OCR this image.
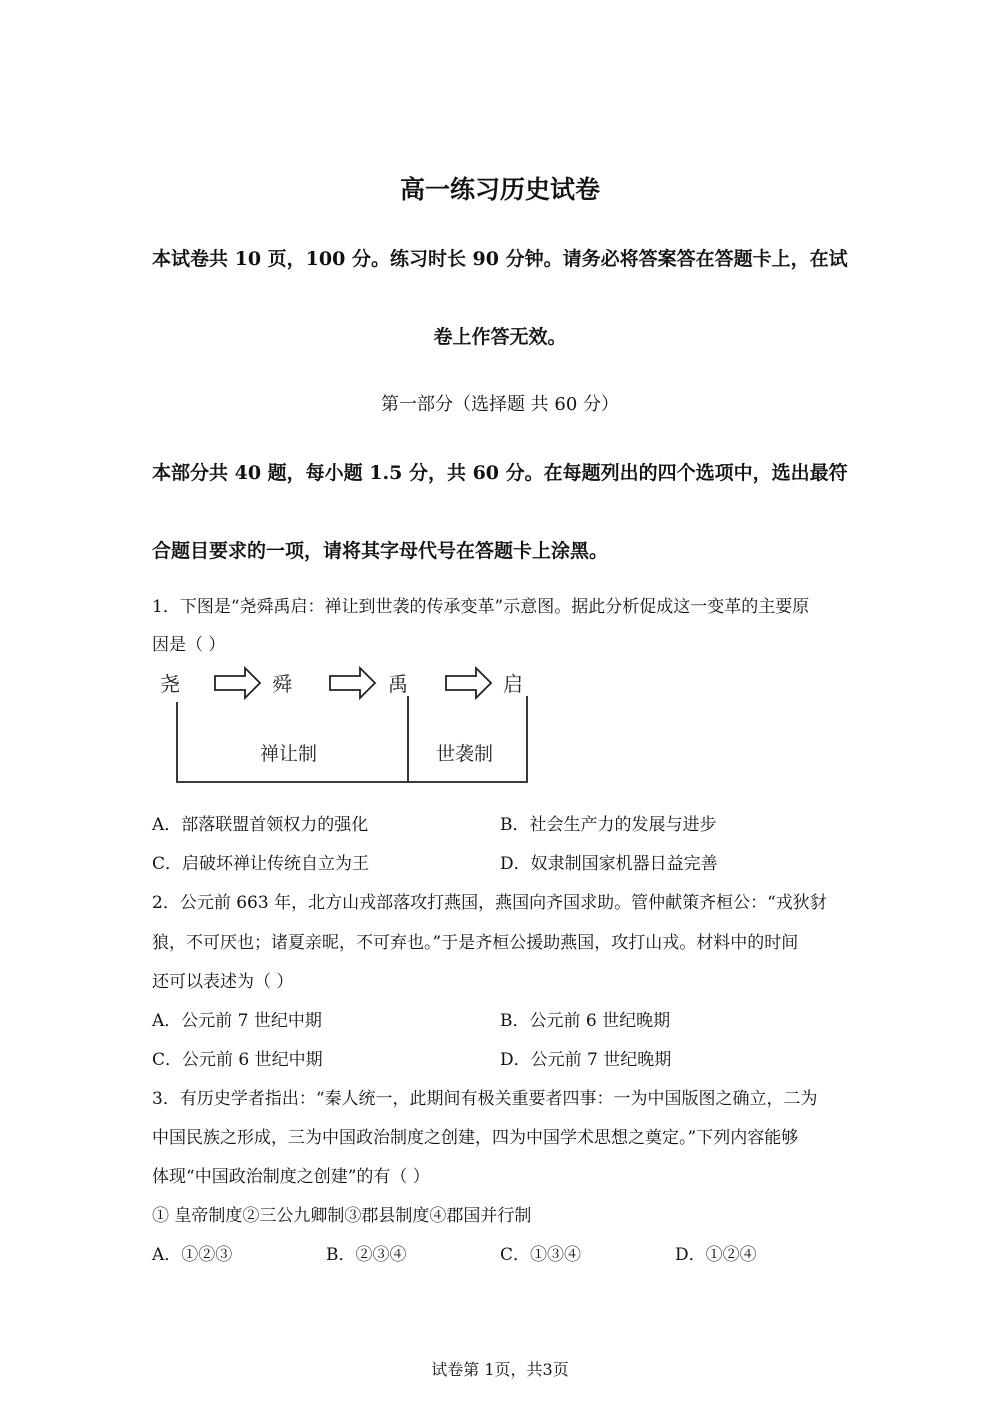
高一练习历史试卷
本试卷共 10 页，100 分。练习时长 90 分钟。请务必将答案答在答题卡上，在试
卷上作答无效。
第一部分（选择题 共 60 分）
本部分共 40 题，每小题 1.5 分，共 60 分。在每题列出的四个选项中，选出最符
合题目要求的一项，请将其字母代号在答题卡上涂黑。
1．下图是“尧舜禹启：禅让到世袭的传承变革”示意图。据此分析促成这一变革的主要原
因是（ ）
尧	舜	禹	启
禅让制	世袭制
A．部落联盟首领权力的强化	B．社会生产力的发展与进步
C．启破坏禅让传统自立为王	D．奴隶制国家机器日益完善
2．公元前 663 年，北方山戎部落攻打燕国，燕国向齐国求助。管仲献策齐桓公：“戎狄豺
狼，不可厌也；诸夏亲昵，不可弃也。”于是齐桓公援助燕国，攻打山戎。材料中的时间
还可以表述为（ ）
A．公元前 7 世纪中期	B．公元前 6 世纪晚期
C．公元前 6 世纪中期	D．公元前 7 世纪晚期
3．有历史学者指出：“秦人统一，此期间有极关重要者四事：一为中国版图之确立，二为
中国民族之形成，三为中国政治制度之创建，四为中国学术思想之奠定。”下列内容能够
体现“中国政治制度之创建”的有（ ）
① 皇帝制度②三公九卿制③郡县制度④郡国并行制
A．①②③	B．②③④	C．①③④	D．①②④
试卷第 1页，共3页
